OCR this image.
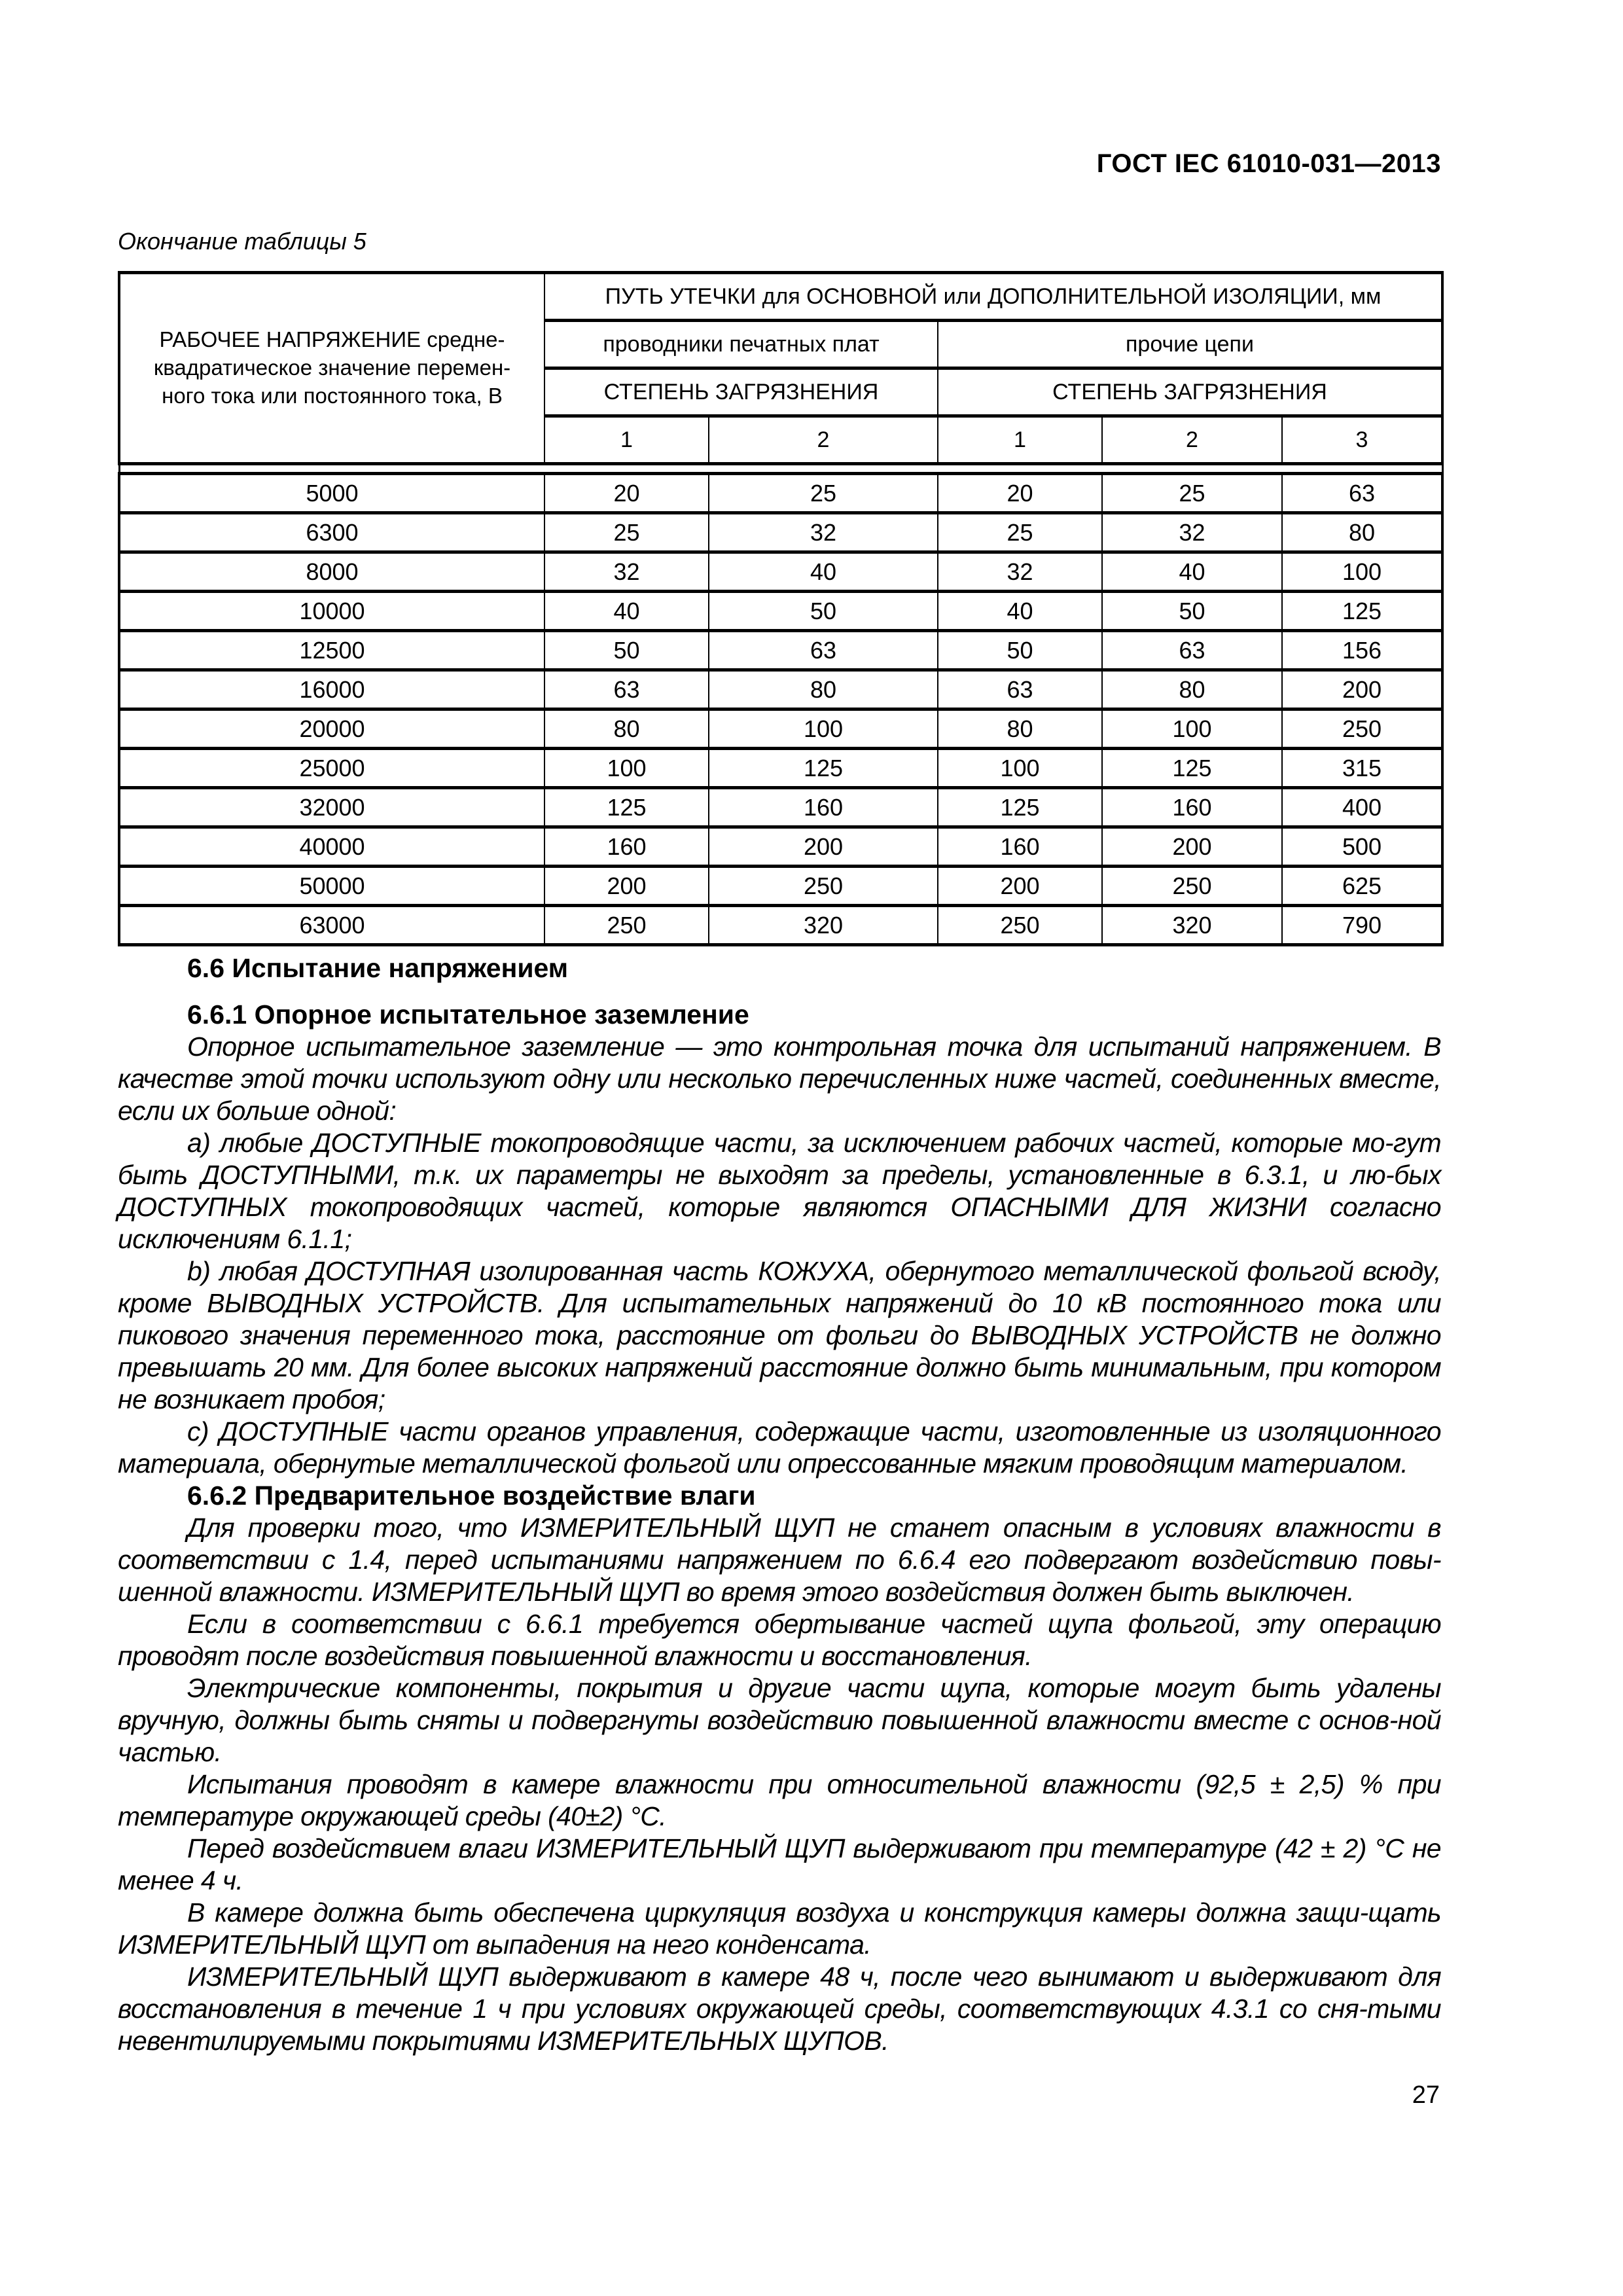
ГОСТ IEC 61010-031—2013
Окончание таблицы 5
РАБОЧЕЕ НАПРЯЖЕНИЕ средне-квадратическое значение перемен-ного тока или постоянного тока, В	ПУТЬ УТЕЧКИ для ОСНОВНОЙ или ДОПОЛНИТЕЛЬНОЙ ИЗОЛЯЦИИ, мм				
	проводники печатных плат		прочие цепи		
	СТЕПЕНЬ ЗАГРЯЗНЕНИЯ		СТЕПЕНЬ ЗАГРЯЗНЕНИЯ		
	1	2	1	2	3

5000	20	25	20	25	63
6300	25	32	25	32	80
8000	32	40	32	40	100
10000	40	50	40	50	125
12500	50	63	50	63	156
16000	63	80	63	80	200
20000	80	100	80	100	250
25000	100	125	100	125	315
32000	125	160	125	160	400
40000	160	200	160	200	500
50000	200	250	200	250	625
63000	250	320	250	320	790
6.6 Испытание напряжением
6.6.1 Опорное испытательное заземление

Опорное испытательное заземление — это контрольная точка для испытаний напряжением. В качестве этой точки используют одну или несколько перечисленных ниже частей, соединенных вместе, если их больше одной:

a) любые ДОСТУПНЫЕ токопроводящие части, за исключением рабочих частей, которые мо-гут быть ДОСТУПНЫМИ, т.к. их параметры не выходят за пределы, установленные в 6.3.1, и лю-бых ДОСТУПНЫХ токопроводящих частей, которые являются ОПАСНЫМИ ДЛЯ ЖИЗНИ согласно исключениям 6.1.1;

b) любая ДОСТУПНАЯ изолированная часть КОЖУХА, обернутого металлической фольгой всюду, кроме ВЫВОДНЫХ УСТРОЙСТВ. Для испытательных напряжений до 10 кВ постоянного тока или пикового значения переменного тока, расстояние от фольги до ВЫВОДНЫХ УСТРОЙСТВ не должно превышать 20 мм. Для более высоких напряжений расстояние должно быть минимальным, при котором не возникает пробоя;

c) ДОСТУПНЫЕ части органов управления, содержащие части, изготовленные из изоляционного материала, обернутые металлической фольгой или опрессованные мягким проводящим материалом.

6.6.2 Предварительное воздействие влаги

Для проверки того, что ИЗМЕРИТЕЛЬНЫЙ ЩУП не станет опасным в условиях влажности в соответствии с 1.4, перед испытаниями напряжением по 6.6.4 его подвергают воздействию повы-шенной влажности. ИЗМЕРИТЕЛЬНЫЙ ЩУП во время этого воздействия должен быть выключен.

Если в соответствии с 6.6.1 требуется обертывание частей щупа фольгой, эту операцию проводят после воздействия повышенной влажности и восстановления.

Электрические компоненты, покрытия и другие части щупа, которые могут быть удалены вручную, должны быть сняты и подвергнуты воздействию повышенной влажности вместе с основ-ной частью.

Испытания проводят в камере влажности при относительной влажности (92,5 ± 2,5) % при температуре окружающей среды (40±2) °С.

Перед воздействием влаги ИЗМЕРИТЕЛЬНЫЙ ЩУП выдерживают при температуре (42 ± 2) °С не менее 4 ч.

В камере должна быть обеспечена циркуляция воздуха и конструкция камеры должна защи-щать ИЗМЕРИТЕЛЬНЫЙ ЩУП от выпадения на него конденсата.

ИЗМЕРИТЕЛЬНЫЙ ЩУП выдерживают в камере 48 ч, после чего вынимают и выдерживают для восстановления в течение 1 ч при условиях окружающей среды, соответствующих 4.3.1 со сня-тыми невентилируемыми покрытиями ИЗМЕРИТЕЛЬНЫХ ЩУПОВ.

27
